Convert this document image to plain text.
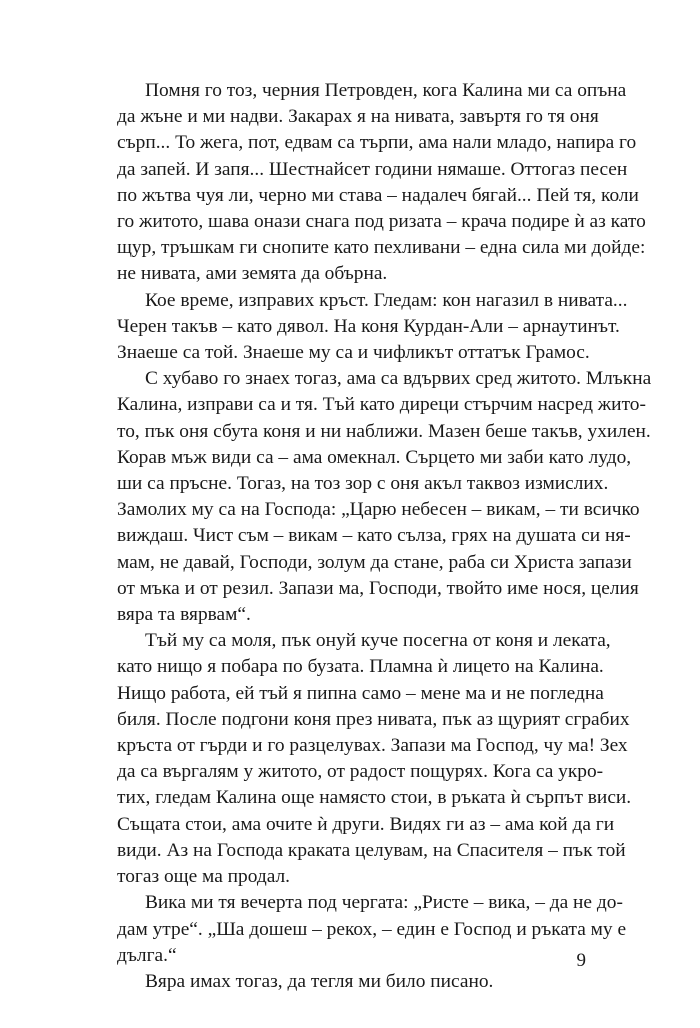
Помня го тоз, черния Петровден, кога Калина ми са опъна
да жъне и ми надви. Закарах я на нивата, завъртя го тя оня
сърп... То жега, пот, едвам са търпи, ама нали младо, напира го
да запей. И запя... Шестнайсет години нямаше. Оттогаз песен
по жътва чуя ли, черно ми става – надалеч бягай... Пей тя, коли
го житото, шава онази снага под ризата – крача подире ѝ аз като
щур, тръшкам ги снопите като пехливани – една сила ми дойде:
не нивата, ами земята да обърна.

Кое време, изправих кръст. Гледам: кон нагазил в нивата...
Черен такъв – като дявол. На коня Курдан-Али – арнаутинът.
Знаеше са той. Знаеше му са и чифликът оттатък Грамос.

С хубаво го знаех тогаз, ама са вдървих сред житото. Млъкна
Калина, изправи са и тя. Тъй като диреци стърчим насред жито-
то, пък оня сбута коня и ни наближи. Мазен беше такъв, ухилен.
Корав мъж види са – ама омекнал. Сърцето ми заби като лудо,
ши са пръсне. Тогаз, на тоз зор с оня акъл таквоз измислих.
Замолих му са на Господа: „Царю небесен – викам, – ти всичко
виждаш. Чист съм – викам – като сълза, грях на душата си ня-
мам, не давай, Господи, золум да стане, раба си Христа запази
от мъка и от резил. Запази ма, Господи, твойто име нося, целия
вяра та вярвам“.

Тъй му са моля, пък онуй куче посегна от коня и леката,
като нищо я побара по бузата. Пламна ѝ лицето на Калина.
Нищо работа, ей тъй я пипна само – мене ма и не погледна
биля. После подгони коня през нивата, пък аз щурият сграбих
кръста от гърди и го разцелувах. Запази ма Господ, чу ма! Зех
да са въргалям у житото, от радост пощурях. Кога са укро-
тих, гледам Калина още намясто стои, в ръката ѝ сърпът виси.
Същата стои, ама очите ѝ други. Видях ги аз – ама кой да ги
види. Аз на Господа краката целувам, на Спасителя – пък той
тогаз още ма продал.

Вика ми тя вечерта под чергата: „Ристе – вика, – да не до-
дам утре“. „Ша дошеш – рекох, – един е Господ и ръката му е
дълга.“

Вяра имах тогаз, да тегля ми било писано.

9
